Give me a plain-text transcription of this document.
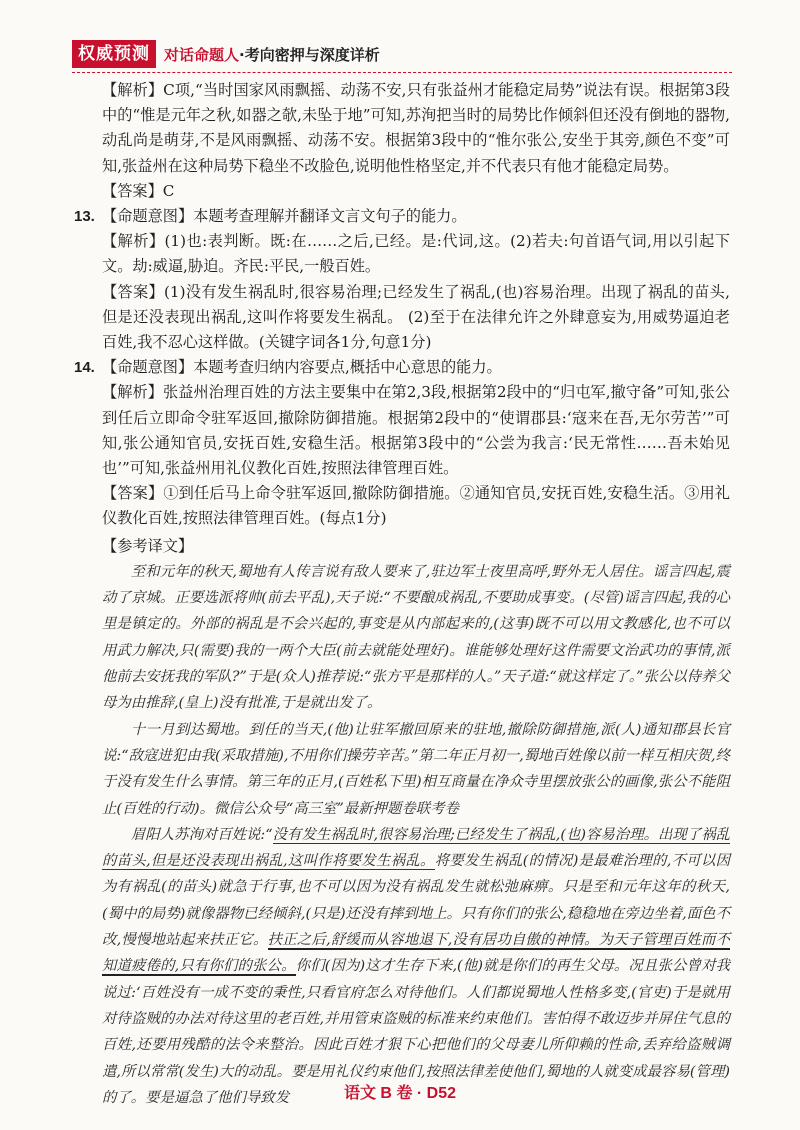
权威预测 对话命题人·考向密押与深度详析

【解析】C项,“当时国家风雨飘摇、动荡不安,只有张益州才能稳定局势”说法有误。根据第3段中的“惟是元年之秋,如器之欹,未坠于地”可知,苏洵把当时的局势比作倾斜但还没有倒地的器物,动乱尚是萌芽,不是风雨飘摇、动荡不安。根据第3段中的“惟尔张公,安坐于其旁,颜色不变”可知,张益州在这种局势下稳坐不改脸色,说明他性格坚定,并不代表只有他才能稳定局势。

【答案】C

13. 【命题意图】本题考查理解并翻译文言文句子的能力。

【解析】(1)也:表判断。既:在……之后,已经。是:代词,这。(2)若夫:句首语气词,用以引起下文。劫:威逼,胁迫。齐民:平民,一般百姓。

【答案】(1)没有发生祸乱时,很容易治理;已经发生了祸乱,(也)容易治理。出现了祸乱的苗头,但是还没表现出祸乱,这叫作将要发生祸乱。 (2)至于在法律允许之外肆意妄为,用威势逼迫老百姓,我不忍心这样做。(关键字词各1分,句意1分)

14. 【命题意图】本题考查归纳内容要点,概括中心意思的能力。

【解析】张益州治理百姓的方法主要集中在第2,3段,根据第2段中的“归屯军,撤守备”可知,张公到任后立即命令驻军返回,撤除防御措施。根据第2段中的“使谓郡县:‘寇来在吾,无尔劳苦’”可知,张公通知官员,安抚百姓,安稳生活。根据第3段中的“公尝为我言:‘民无常性……吾未始见也’”可知,张益州用礼仪教化百姓,按照法律管理百姓。

【答案】①到任后马上命令驻军返回,撤除防御措施。②通知官员,安抚百姓,安稳生活。③用礼仪教化百姓,按照法律管理百姓。(每点1分)

【参考译文】

至和元年的秋天,蜀地有人传言说有敌人要来了,驻边军士夜里高呼,野外无人居住。谣言四起,震动了京城。正要选派将帅(前去平乱),天子说:“不要酿成祸乱,不要助成事变。(尽管)谣言四起,我的心里是镇定的。外部的祸乱是不会兴起的,事变是从内部起来的,(这事)既不可以用文教感化,也不可以用武力解决,只(需要)我的一两个大臣(前去就能处理好)。谁能够处理好这件需要文治武功的事情,派他前去安抚我的军队?”于是(众人)推荐说:“张方平是那样的人。”天子道:“就这样定了。”张公以侍养父母为由推辞,(皇上)没有批准,于是就出发了。

十一月到达蜀地。到任的当天,(他)让驻军撤回原来的驻地,撤除防御措施,派(人)通知郡县长官说:“敌寇进犯由我(采取措施),不用你们操劳辛苦。”第二年正月初一,蜀地百姓像以前一样互相庆贺,终于没有发生什么事情。第三年的正月,(百姓私下里)相互商量在净众寺里摆放张公的画像,张公不能阻止(百姓的行动)。微信公众号“高三室”最新押题卷联考卷

眉阳人苏洵对百姓说:“没有发生祸乱时,很容易治理;已经发生了祸乱,(也)容易治理。出现了祸乱的苗头,但是还没表现出祸乱,这叫作将要发生祸乱。将要发生祸乱(的情况)是最难治理的,不可以因为有祸乱(的苗头)就急于行事,也不可以因为没有祸乱发生就松弛麻痹。只是至和元年这年的秋天,(蜀中的局势)就像器物已经倾斜,(只是)还没有摔到地上。只有你们的张公,稳稳地在旁边坐着,面色不改,慢慢地站起来扶正它。扶正之后,舒缓而从容地退下,没有居功自傲的神情。为天子管理百姓而不知道疲倦的,只有你们的张公。你们(因为)这才生存下来,(他)就是你们的再生父母。况且张公曾对我说过:‘百姓没有一成不变的秉性,只看官府怎么对待他们。人们都说蜀地人性格多变,(官吏)于是就用对待盗贼的办法对待这里的老百姓,并用管束盗贼的标准来约束他们。害怕得不敢迈步并屏住气息的百姓,还要用残酷的法令来整治。因此百姓才狠下心把他们的父母妻儿所仰赖的性命,丢弃给盗贼调遣,所以常常(发生)大的动乱。要是用礼仪约束他们,按照法律差使他们,蜀地的人就变成最容易(管理)的了。要是逼急了他们导致发	语文 B 卷 · D52
